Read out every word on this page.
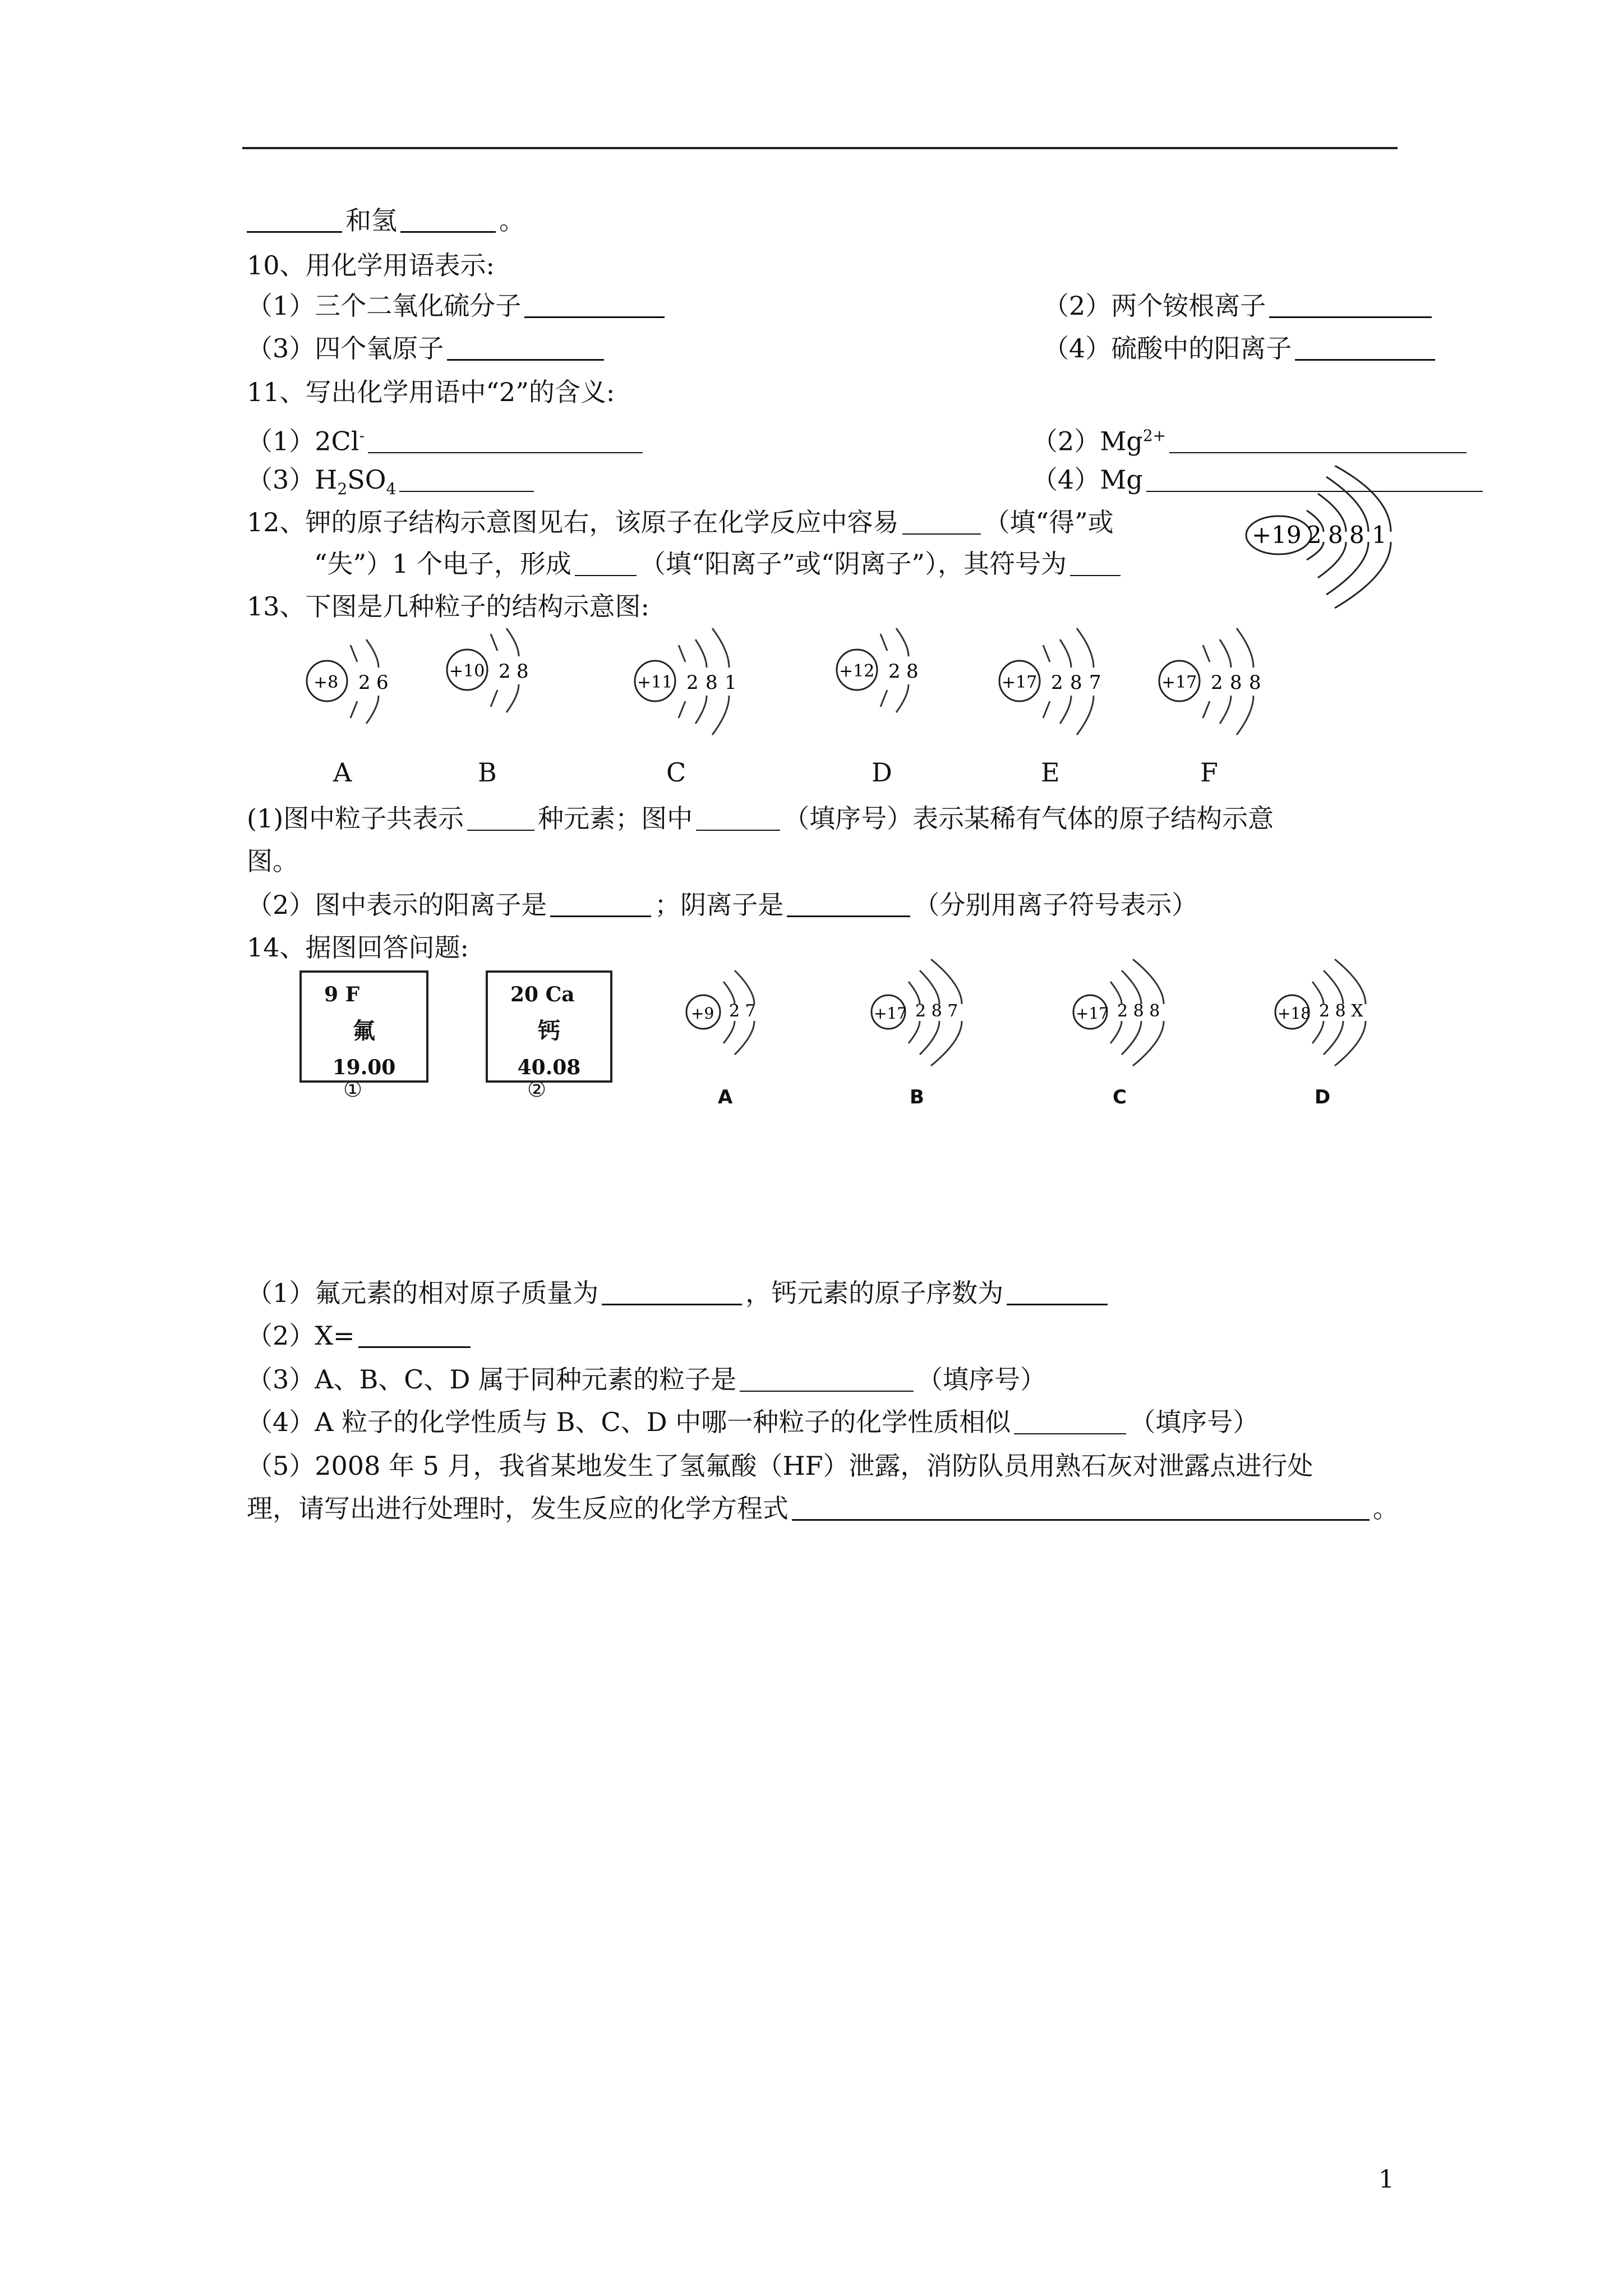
和氢	。
10、用化学用语表示:
（1）三个二氧化硫分子	（2）两个铵根离子
（3）四个氧原子	（4）硫酸中的阳离子
11、写出化学用语中“2”的含义:
（1）2Cl-	$(2)Mg^{2+}$
$(3)H_2SO_4$	（4）Mg
12、钾的原子结构示意图见右，该原子在化学反应中容易	（填“得”或
“失”）1 个电子，形成	（填“阳离子”或“阴离子”），其符号为
+19 2 8 8 1
13、下图是几种粒子的结构示意图:
+8 2 6
+10 2 8	+11 2 8 1
+12 2 8	+17 2 8 7	+17 2 8 8
A	B	C	D	E	F
(1)图中粒子共表示	种元素；图中	（填序号）表示某稀有气体的原子结构示意
图。
（2）图中表示的阳离子是	；阴离子是	（分别用离子符号表示）
14、据图回答问题:
9 F
氟
19.00
①
20 Ca
钙
40.08
②
+9 2 7	+17 2 8 7	+17 2 8 8	+18 2 8 X
A	B	C	D
（1）氟元素的相对原子质量为	，钙元素的原子序数为
（2）X=
（3）A、B、C、D 属于同种元素的粒子是	（填序号）
（4）A 粒子的化学性质与 B、C、D 中哪一种粒子的化学性质相似	（填序号）
（5）2008 年 5 月，我省某地发生了氢氟酸（HF）泄露，消防队员用熟石灰对泄露点进行处
理，请写出进行处理时，发生反应的化学方程式	。
1
